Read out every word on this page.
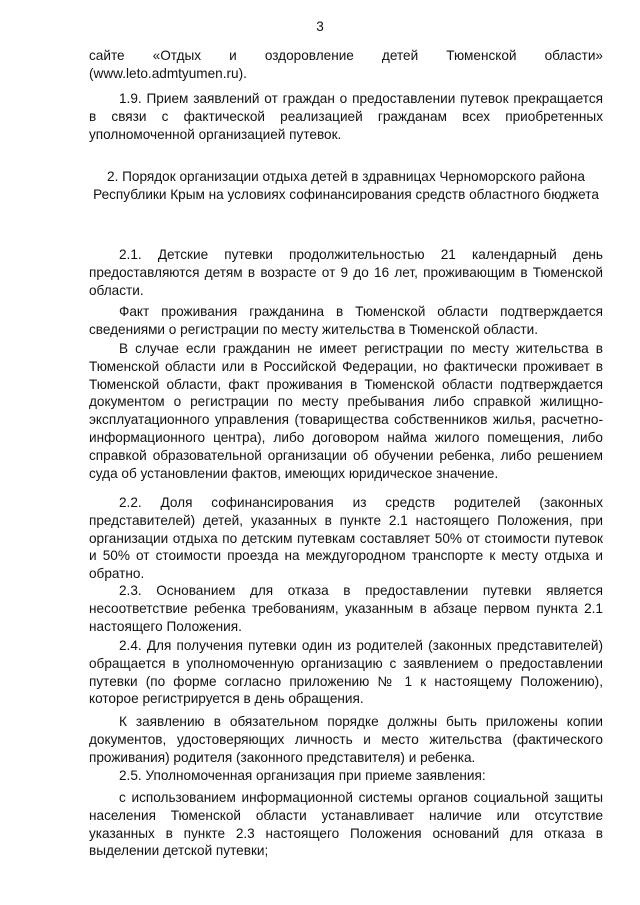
3

сайте «Отдых и оздоровление детей Тюменской области» (www.leto.admtyumen.ru).

1.9. Прием заявлений от граждан о предоставлении путевок прекращается в связи с фактической реализацией гражданам всех приобретенных уполномоченной организацией путевок.

2. Порядок организации отдыха детей в здравницах Черноморского района Республики Крым на условиях софинансирования средств областного бюджета

2.1. Детские путевки продолжительностью 21 календарный день предоставляются детям в возрасте от 9 до 16 лет, проживающим в Тюменской области.

Факт проживания гражданина в Тюменской области подтверждается сведениями о регистрации по месту жительства в Тюменской области.

В случае если гражданин не имеет регистрации по месту жительства в Тюменской области или в Российской Федерации, но фактически проживает в Тюменской области, факт проживания в Тюменской области подтверждается документом о регистрации по месту пребывания либо справкой жилищно-эксплуатационного управления (товарищества собственников жилья, расчетно-информационного центра), либо договором найма жилого помещения, либо справкой образовательной организации об обучении ребенка, либо решением суда об установлении фактов, имеющих юридическое значение.

2.2. Доля софинансирования из средств родителей (законных представителей) детей, указанных в пункте 2.1 настоящего Положения, при организации отдыха по детским путевкам составляет 50% от стоимости путевок и 50% от стоимости проезда на междугородном транспорте к месту отдыха и обратно.

2.3. Основанием для отказа в предоставлении путевки является несоответствие ребенка требованиям, указанным в абзаце первом пункта 2.1 настоящего Положения.

2.4. Для получения путевки один из родителей (законных представителей) обращается в уполномоченную организацию с заявлением о предоставлении путевки (по форме согласно приложению № 1 к настоящему Положению), которое регистрируется в день обращения.

К заявлению в обязательном порядке должны быть приложены копии документов, удостоверяющих личность и место жительства (фактического проживания) родителя (законного представителя) и ребенка.

2.5. Уполномоченная организация при приеме заявления:

с использованием информационной системы органов социальной защиты населения Тюменской области устанавливает наличие или отсутствие указанных в пункте 2.3 настоящего Положения оснований для отказа в выделении детской путевки;
